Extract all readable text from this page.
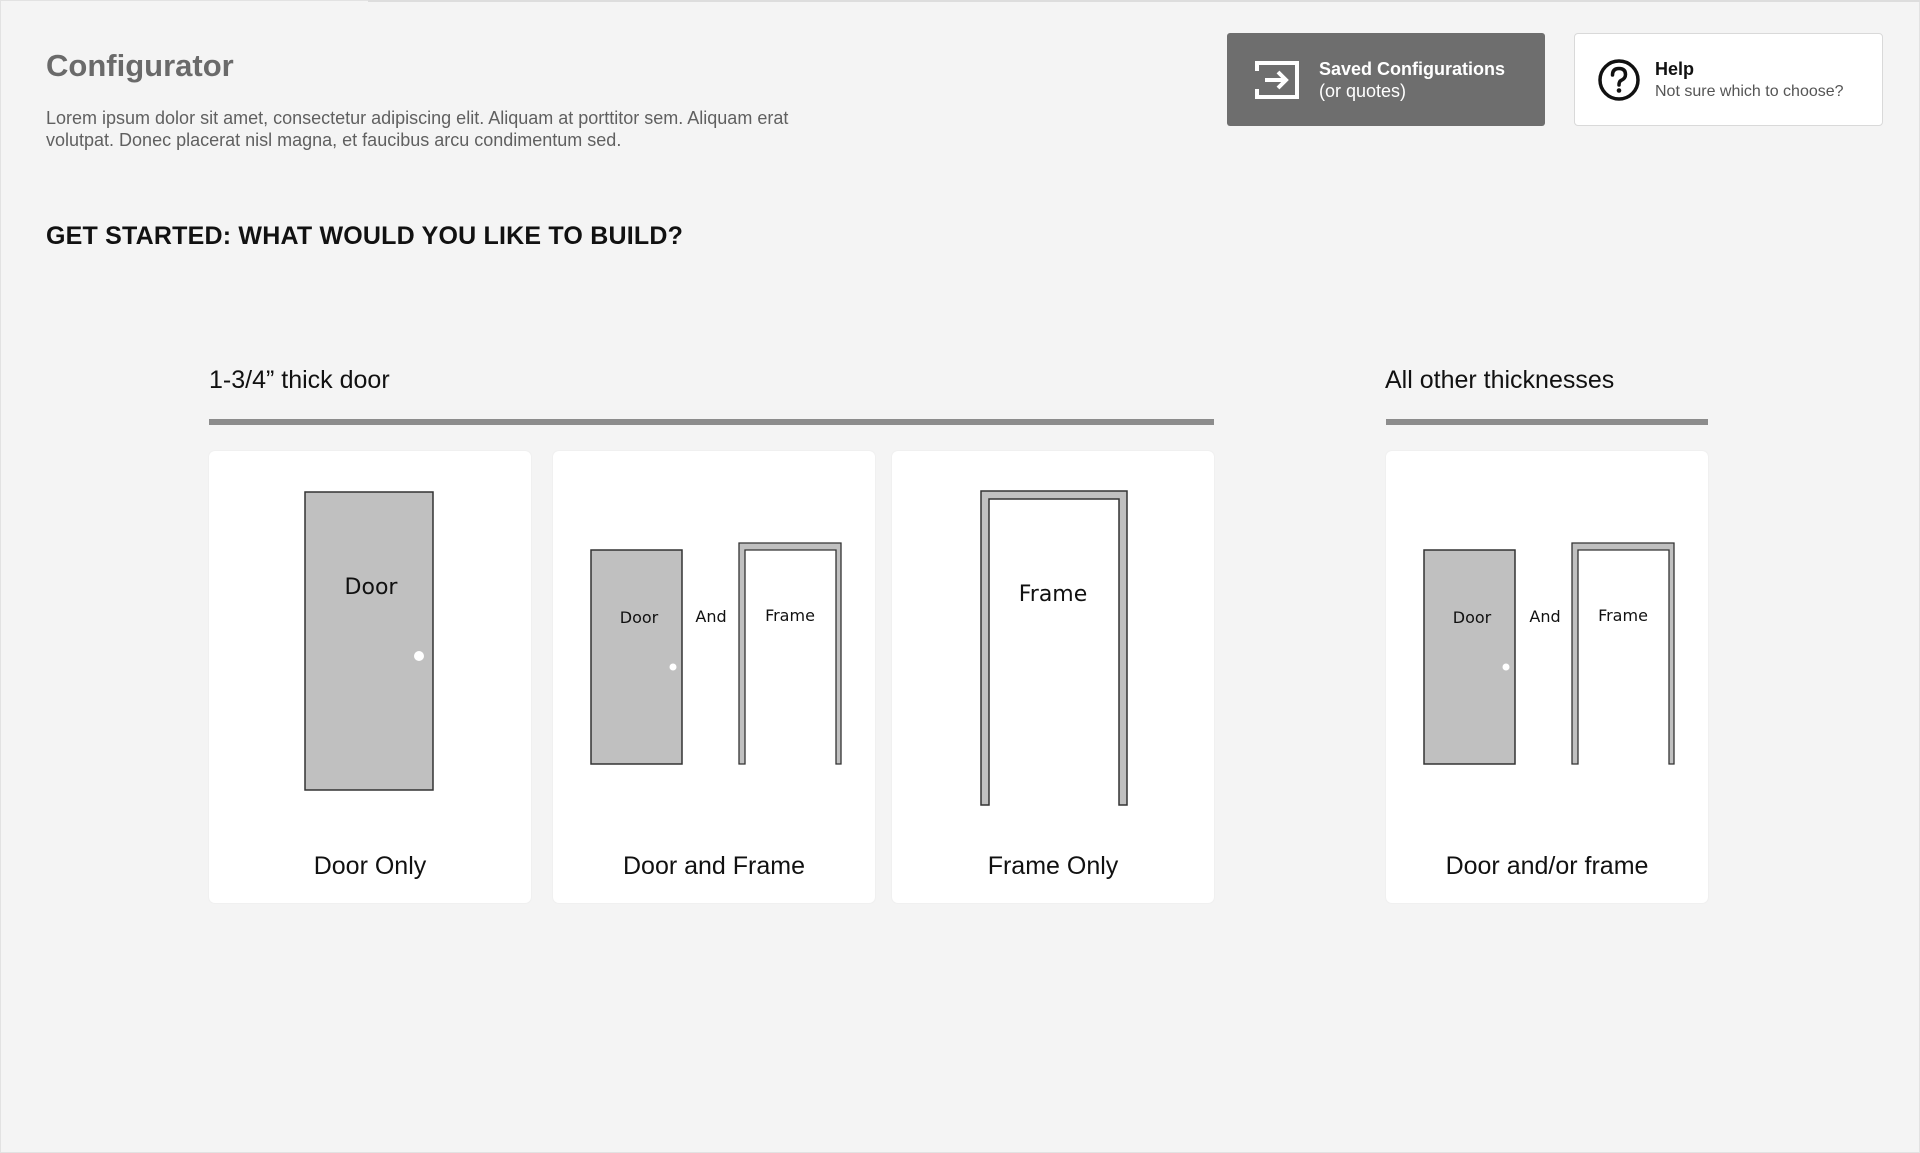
Configurator

Lorem ipsum dolor sit amet, consectetur adipiscing elit. Aliquam at porttitor sem. Aliquam erat volutpat. Donec placerat nisl magna, et faucibus arcu condimentum sed.

Saved Configurations
(or quotes)
Help
Not sure which to choose?
GET STARTED: WHAT WOULD YOU LIKE TO BUILD?
1-3/4” thick door	All other thicknesses
Door
Door Only
Door And Frame
Door and Frame
Frame
Frame Only
Door And Frame
Door and/or frame
